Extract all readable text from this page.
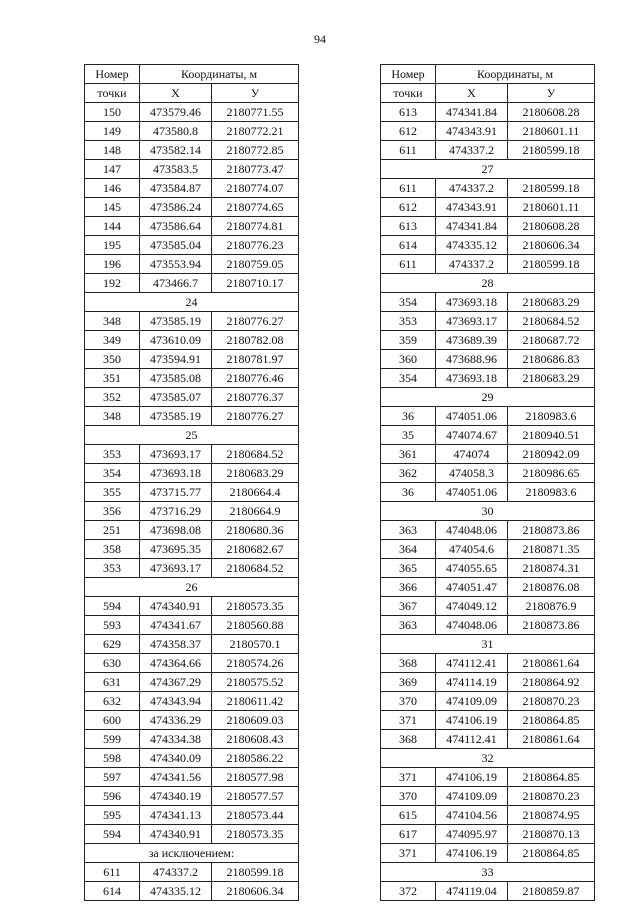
94
Номер	Координаты, м	
точки	X	У
150	473579.46	2180771.55
149	473580.8	2180772.21
148	473582.14	2180772.85
147	473583.5	2180773.47
146	473584.87	2180774.07
145	473586.24	2180774.65
144	473586.64	2180774.81
195	473585.04	2180776.23
196	473553.94	2180759.05
192	473466.7	2180710.17
24		
348	473585.19	2180776.27
349	473610.09	2180782.08
350	473594.91	2180781.97
351	473585.08	2180776.46
352	473585.07	2180776.37
348	473585.19	2180776.27
25		
353	473693.17	2180684.52
354	473693.18	2180683.29
355	473715.77	2180664.4
356	473716.29	2180664.9
251	473698.08	2180680.36
358	473695.35	2180682.67
353	473693.17	2180684.52
26		
594	474340.91	2180573.35
593	474341.67	2180560.88
629	474358.37	2180570.1
630	474364.66	2180574.26
631	474367.29	2180575.52
632	474343.94	2180611.42
600	474336.29	2180609.03
599	474334.38	2180608.43
598	474340.09	2180586.22
597	474341.56	2180577.98
596	474340.19	2180577.57
595	474341.13	2180573.44
594	474340.91	2180573.35
за исключением:		
611	474337.2	2180599.18
614	474335.12	2180606.34
Номер	Координаты, м	
точки	X	У
613	474341.84	2180608.28
612	474343.91	2180601.11
611	474337.2	2180599.18
27		
611	474337.2	2180599.18
612	474343.91	2180601.11
613	474341.84	2180608.28
614	474335.12	2180606.34
611	474337.2	2180599.18
28		
354	473693.18	2180683.29
353	473693.17	2180684.52
359	473689.39	2180687.72
360	473688.96	2180686.83
354	473693.18	2180683.29
29		
36	474051.06	2180983.6
35	474074.67	2180940.51
361	474074	2180942.09
362	474058.3	2180986.65
36	474051.06	2180983.6
30		
363	474048.06	2180873.86
364	474054.6	2180871.35
365	474055.65	2180874.31
366	474051.47	2180876.08
367	474049.12	2180876.9
363	474048.06	2180873.86
31		
368	474112.41	2180861.64
369	474114.19	2180864.92
370	474109.09	2180870.23
371	474106.19	2180864.85
368	474112.41	2180861.64
32		
371	474106.19	2180864.85
370	474109.09	2180870.23
615	474104.56	2180874.95
617	474095.97	2180870.13
371	474106.19	2180864.85
33		
372	474119.04	2180859.87
